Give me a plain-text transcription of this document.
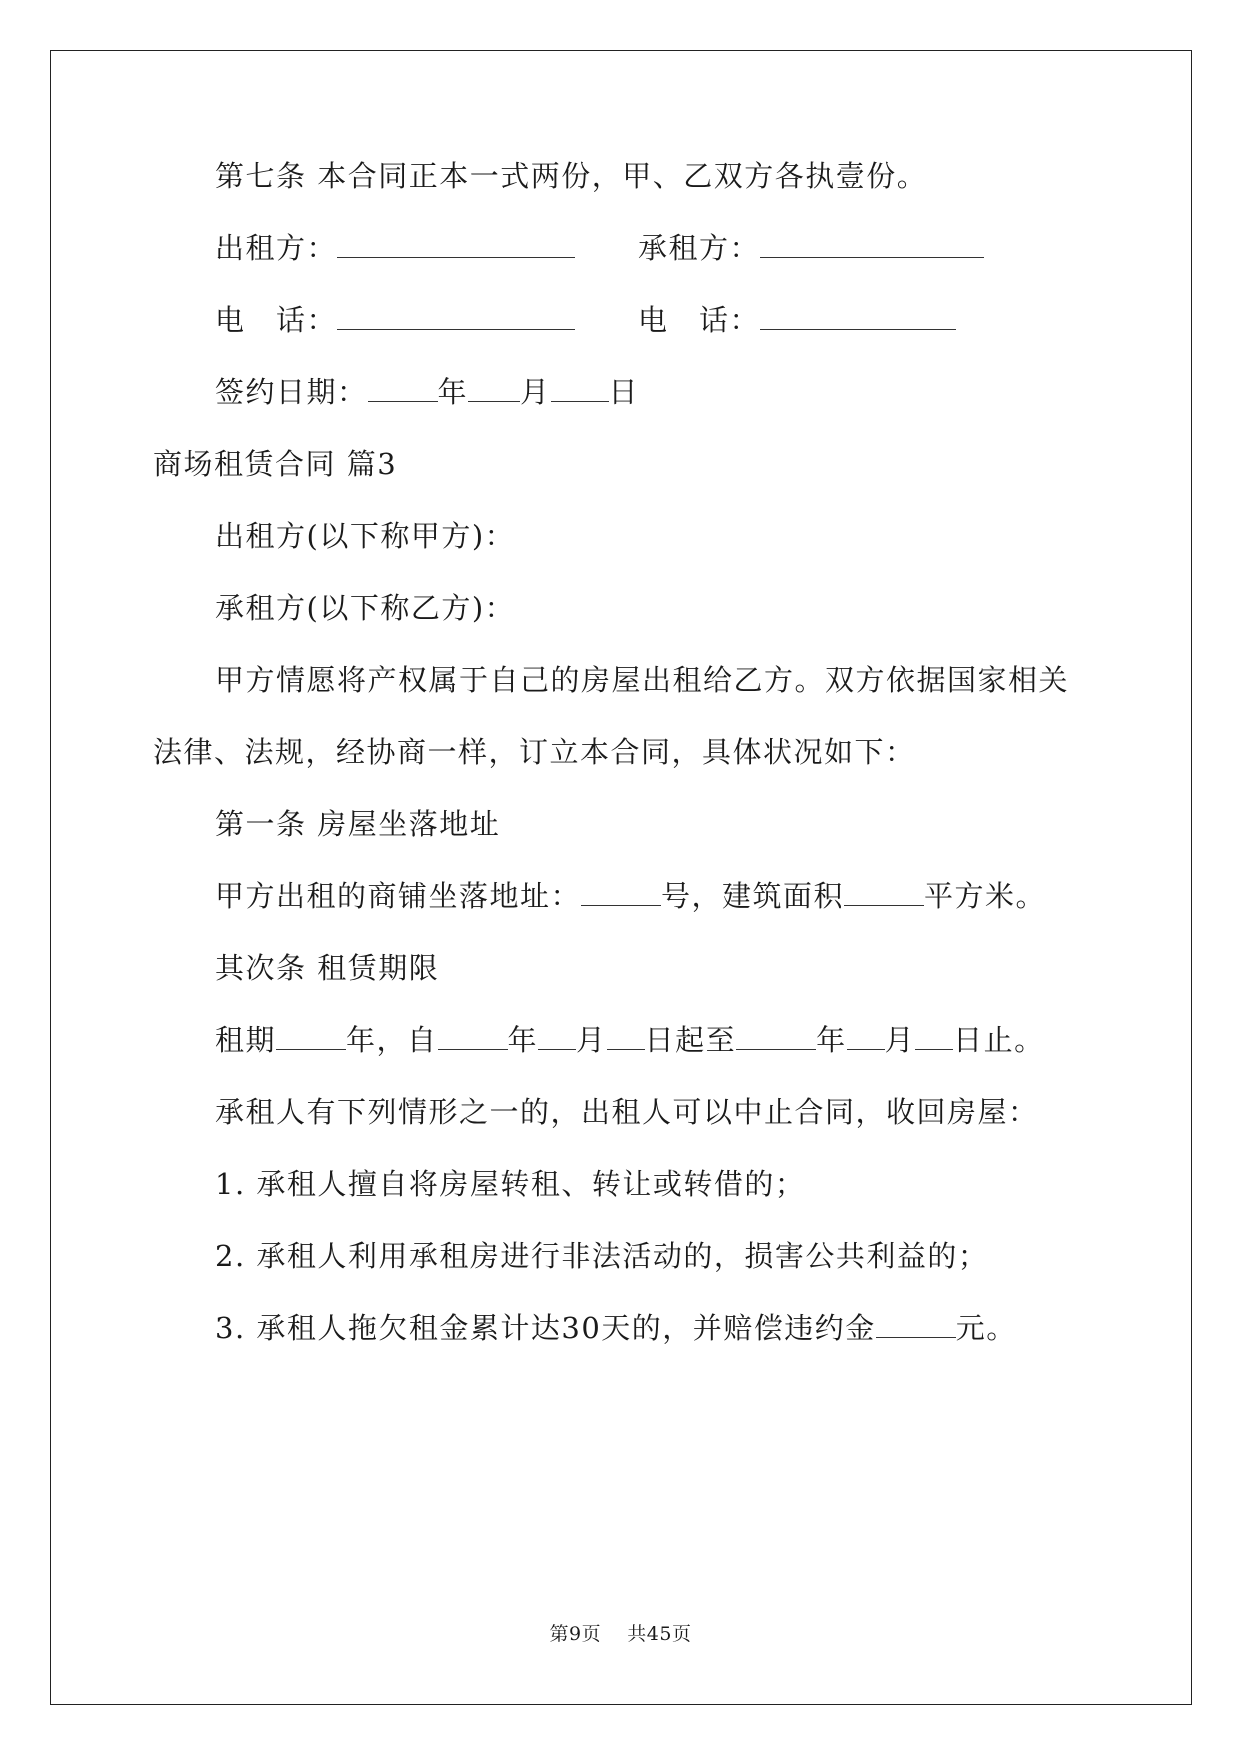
第七条 本合同正本一式两份，甲、乙双方各执壹份。
出租方：	承租方：
电　话：	电　话：
签约日期： 年 月 日
商场租赁合同 篇3
出租方(以下称甲方)：
承租方(以下称乙方)：
甲方情愿将产权属于自己的房屋出租给乙方。双方依据国家相关
法律、法规，经协商一样，订立本合同，具体状况如下：
第一条 房屋坐落地址
甲方出租的商铺坐落地址：	号，建筑面积	平方米。
其次条 租赁期限
租期 年，自 年 月 日起至	年 月 日止。
承租人有下列情形之一的，出租人可以中止合同，收回房屋：
1. 承租人擅自将房屋转租、转让或转借的；
2. 承租人利用承租房进行非法活动的，损害公共利益的；
3. 承租人拖欠租金累计达30天的，并赔偿违约金	元。
第9页 共45页
